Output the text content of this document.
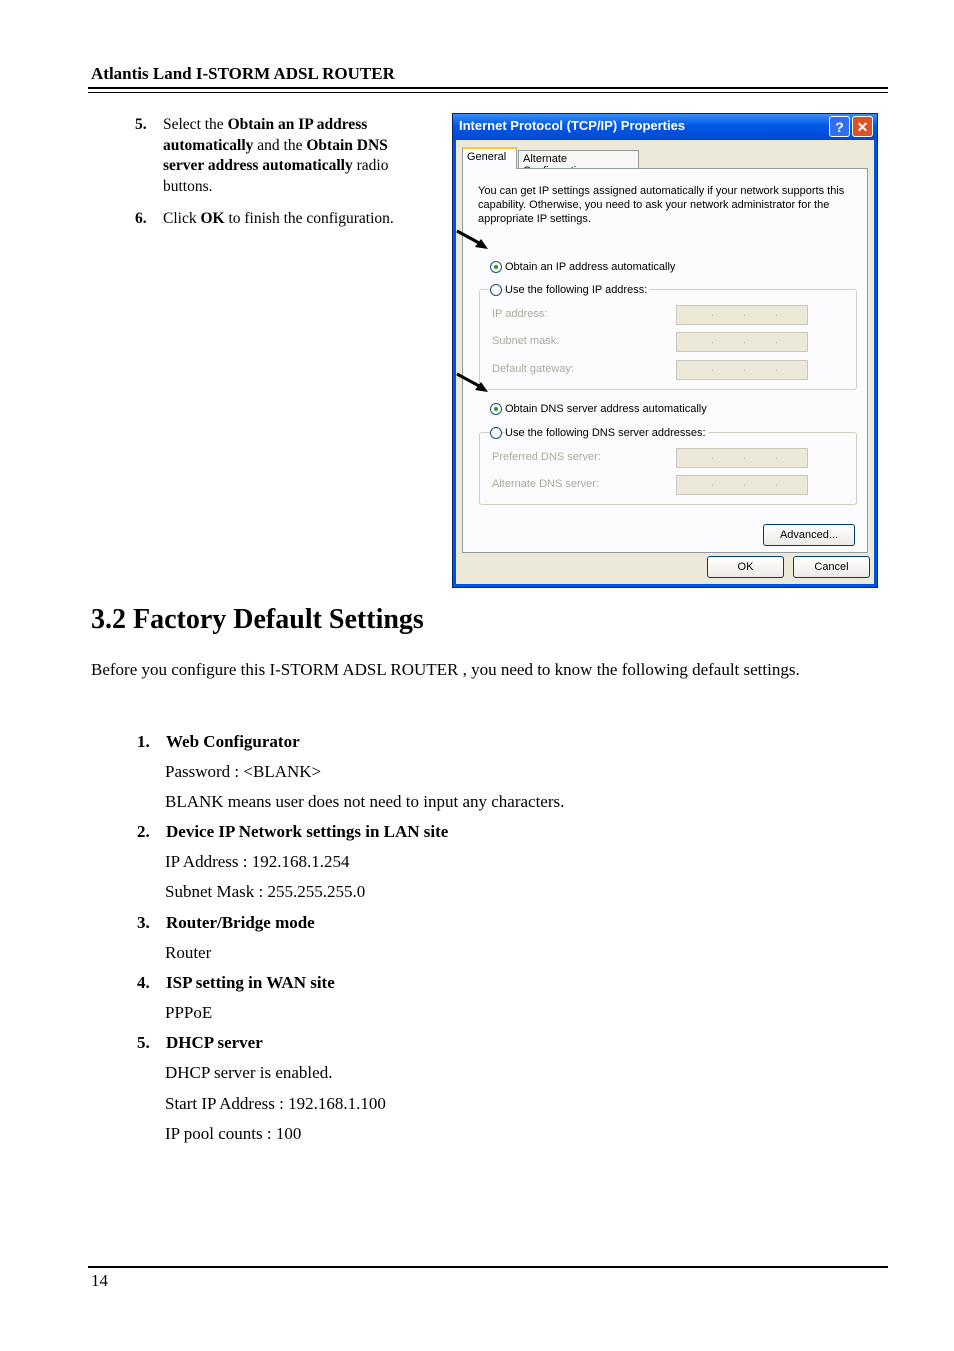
Atlantis Land I-STORM ADSL ROUTER
5. Select the Obtain an IP address automatically and the Obtain DNS server address automatically radio buttons.
6. Click OK to finish the configuration.
Internet Protocol (TCP/IP) Properties	? ✕
General	Alternate
You can get IP settings assigned automatically if your network supports this capability. Otherwise, you need to ask your network administrator for the appropriate IP settings.
Obtain an IP address automatically
Use the following IP address:
IP address:	.	.	.
Subnet mask:	.	.	.
Default gateway:	.	.	.
Obtain DNS server address automatically
Use the following DNS server addresses:
Preferred DNS server:	.	.	.
Alternate DNS server:	.	.	.
Advanced...
OK	Cancel
3.2 Factory Default Settings
Before you configure this I-STORM ADSL ROUTER , you need to know the following default settings.
1. Web Configurator
Password : <BLANK>
BLANK means user does not need to input any characters.
2. Device IP Network settings in LAN site
IP Address : 192.168.1.254
Subnet Mask : 255.255.255.0
3. Router/Bridge mode
Router
4. ISP setting in WAN site
PPPoE
5. DHCP server
DHCP server is enabled.
Start IP Address : 192.168.1.100
IP pool counts : 100
14
